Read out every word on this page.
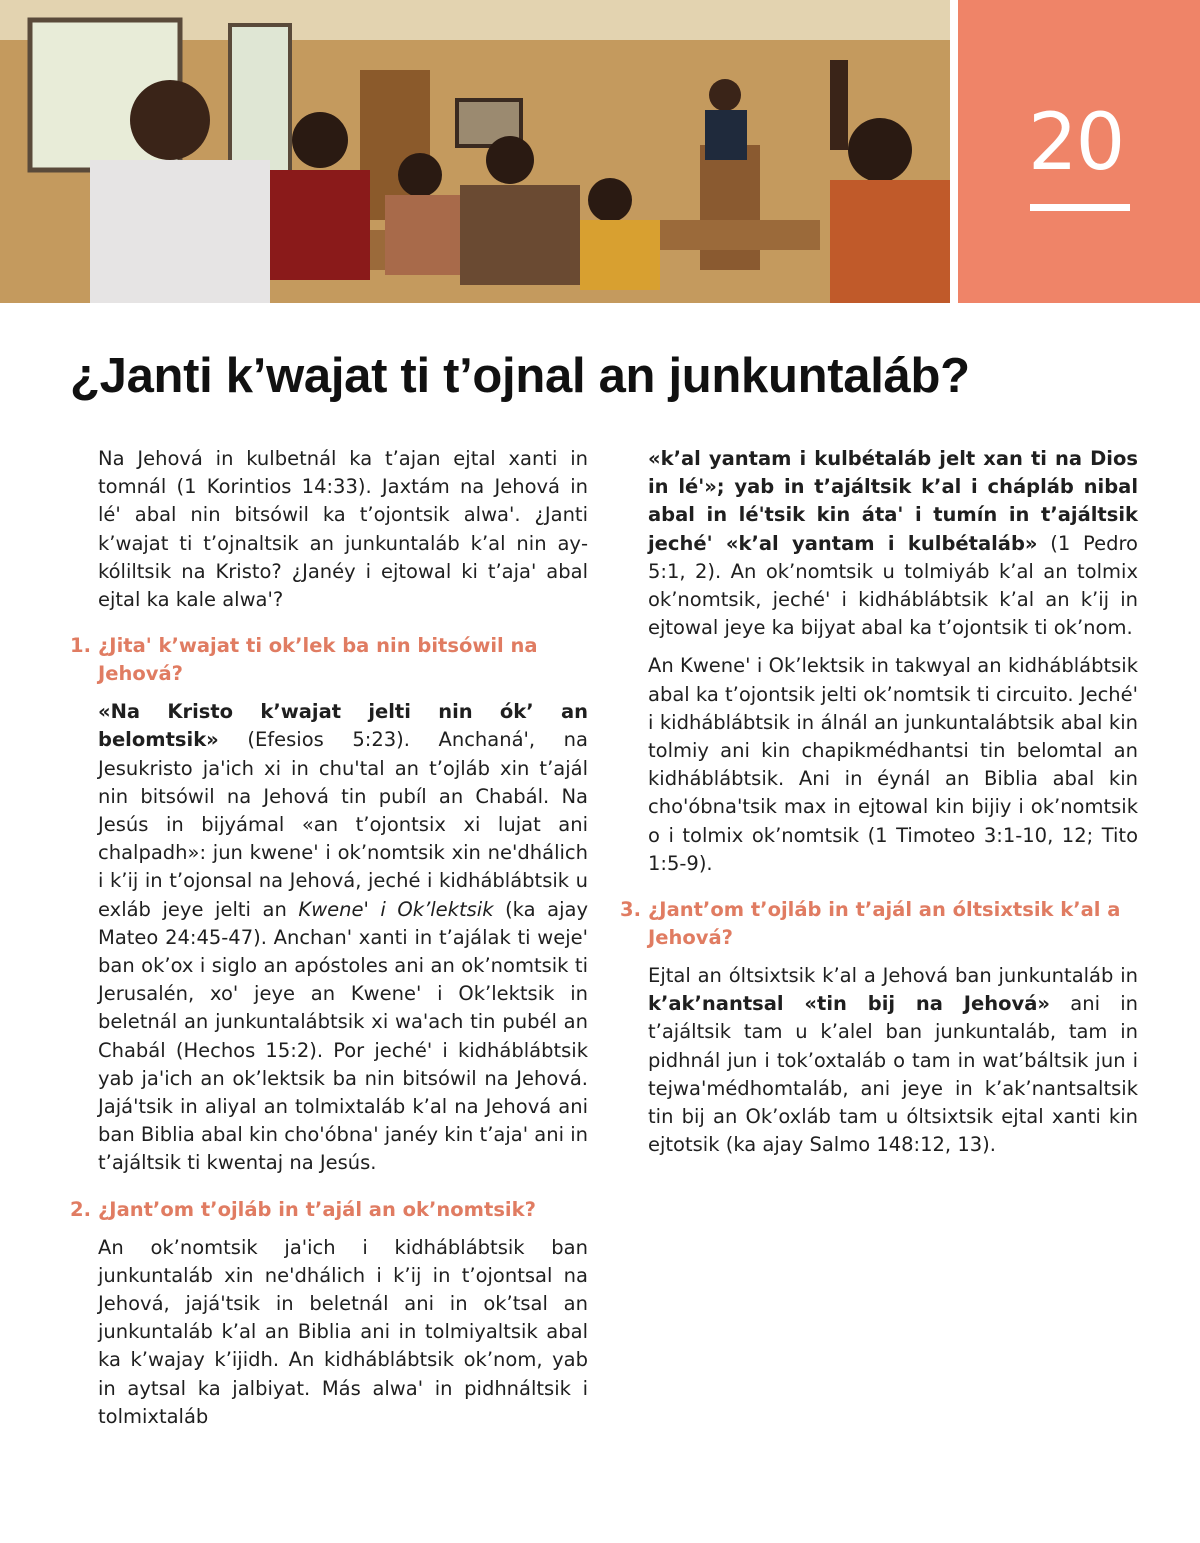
20
¿Janti k’wajat ti t’ojnal an junkuntaláb?

Na Jehová in kulbetnál ka t’ajan ejtal xanti in tomnál (1 Korintios 14:33). Jaxtám na Jehová in lé' abal nin bitsówil ka t’ojontsik alwa'. ¿Janti k’wajat ti t’ojnaltsik an junkuntaláb k’al nin aykóliltsik na Kristo? ¿Janéy i ejtowal ki t’aja' abal ejtal ka kale alwa'?

1. ¿Jita' k’wajat ti ok’lek ba nin bitsówil na Jehová?

«Na Kristo k’wajat jelti nin ók’ an belomtsik» (Efesios 5:23). Anchaná', na Jesukristo ja'ich xi in chu'tal an t’ojláb xin t’ajál nin bitsówil na Jehová tin pubíl an Chabál. Na Jesús in bijyámal «an t’ojontsix xi lujat ani chalpadh»: jun kwene' i ok’nomtsik xin ne'dhálich i k’ij in t’ojonsal na Jehová, jeché i kidháblábtsik u exláb jeye jelti an Kwene' i Ok’lektsik (ka ajay Mateo 24:45-47). Anchan' xanti in t’ajálak ti weje' ban ok’ox i siglo an apóstoles ani an ok’nomtsik ti Jerusalén, xo' jeye an Kwene' i Ok’lektsik in beletnál an junkuntalábtsik xi wa'ach tin pubél an Chabál (Hechos 15:2). Por jeché' i kidháblábtsik yab ja'ich an ok’lektsik ba nin bitsówil na Jehová. Jajá'tsik in aliyal an tolmixtaláb k’al na Jehová ani ban Biblia abal kin cho'óbna' janéy kin t’aja' ani in t’ajáltsik ti kwentaj na Jesús.

2. ¿Jant’om t’ojláb in t’ajál an ok’nomtsik?

An ok’nomtsik ja'ich i kidháblábtsik ban junkuntaláb xin ne'dhálich i k’ij in t’ojontsal na Jehová, jajá'tsik in beletnál ani in ok’tsal an junkuntaláb k’al an Biblia ani in tolmiyaltsik abal ka k’wajay k’ijidh. An kidháblábtsik ok’nom, yab in aytsal ka jalbiyat. Más alwa' in pidhnáltsik i tolmixtaláb

«k’al yantam i kulbétaláb jelt xan ti na Dios in lé'»; yab in t’ajáltsik k’al i chápláb nibal abal in lé'tsik kin áta' i tumín in t’ajáltsik jeché' «k’al yantam i kulbétaláb» (1 Pedro 5:1, 2). An ok’nomtsik u tolmiyáb k’al an tolmix ok’nomtsik, jeché' i kidháblábtsik k’al an k’ij in ejtowal jeye ka bijyat abal ka t’ojontsik ti ok’nom.

An Kwene' i Ok’lektsik in takwyal an kidháblábtsik abal ka t’ojontsik jelti ok’nomtsik ti circuito. Jeché' i kidháblábtsik in álnál an junkuntalábtsik abal kin tolmiy ani kin chapikmédhantsi tin belomtal an kidháblábtsik. Ani in éynál an Biblia abal kin cho'óbna'tsik max in ejtowal kin bijiy i ok’nomtsik o i tolmix ok’nomtsik (1 Timoteo 3:1-10, 12; Tito 1:5-9).

3. ¿Jant’om t’ojláb in t’ajál an óltsixtsik k’al a Jehová?

Ejtal an óltsixtsik k’al a Jehová ban junkuntaláb in k’ak’nantsal «tin bij na Jehová» ani in t’ajáltsik tam u k’alel ban junkuntaláb, tam in pidhnál jun i tok’oxtaláb o tam in wat’báltsik jun i tejwa'médhomtaláb, ani jeye in k’ak’nantsaltsik tin bij an Ok’oxláb tam u óltsixtsik ejtal xanti kin ejtotsik (ka ajay Salmo 148:12, 13).
